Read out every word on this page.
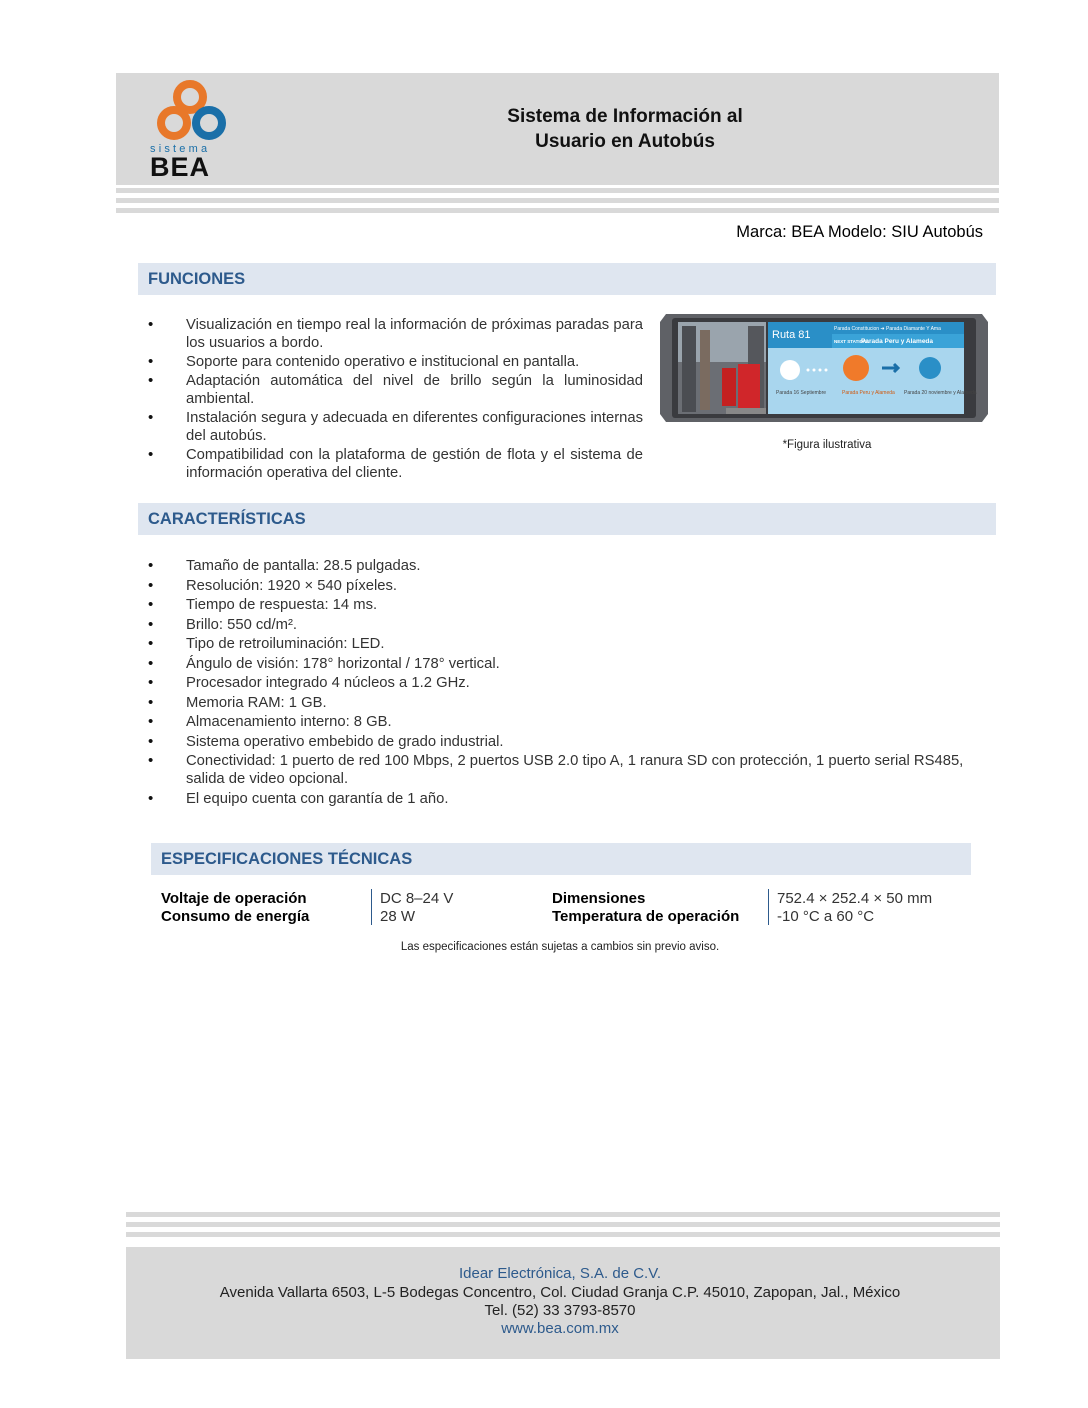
sistema
BEA
Sistema de Información al
Usuario en Autobús
Marca: BEA Modelo: SIU Autobús
FUNCIONES
• Visualización en tiempo real la información de próximas paradas para los usuarios a bordo.
• Soporte para contenido operativo e institucional en pantalla.
• Adaptación automática del nivel de brillo según la luminosidad ambiental.
• Instalación segura y adecuada en diferentes configuraciones internas del autobús.
• Compatibilidad con la plataforma de gestión de flota y el sistema de información operativa del cliente.
Ruta 81	Parada Constitucion ➜ Parada Diamante Y Ama
NEXT STATION:
Parada Peru y Alameda
Parada 16 Septiembre	Parada Peru y Alameda Parada 20 noviembre y Alameda
*Figura ilustrativa
CARACTERÍSTICAS
• Tamaño de pantalla: 28.5 pulgadas.
• Resolución: 1920 × 540 píxeles.
• Tiempo de respuesta: 14 ms.
• Brillo: 550 cd/m².
• Tipo de retroiluminación: LED.
• Ángulo de visión: 178° horizontal / 178° vertical.
• Procesador integrado 4 núcleos a 1.2 GHz.
• Memoria RAM: 1 GB.
• Almacenamiento interno: 8 GB.
• Sistema operativo embebido de grado industrial.
• Conectividad: 1 puerto de red 100 Mbps, 2 puertos USB 2.0 tipo A, 1 ranura SD con protección, 1 puerto serial RS485, salida de video opcional.
• El equipo cuenta con garantía de 1 año.
ESPECIFICACIONES TÉCNICAS
Voltaje de operación
Consumo de energía
DC 8–24 V
28 W
Dimensiones
Temperatura de operación
752.4 × 252.4 × 50 mm
-10 °C a 60 °C
Las especificaciones están sujetas a cambios sin previo aviso.
Idear Electrónica, S.A. de C.V.
Avenida Vallarta 6503, L-5 Bodegas Concentro, Col. Ciudad Granja C.P. 45010, Zapopan, Jal., México
Tel. (52) 33 3793-8570
www.bea.com.mx
